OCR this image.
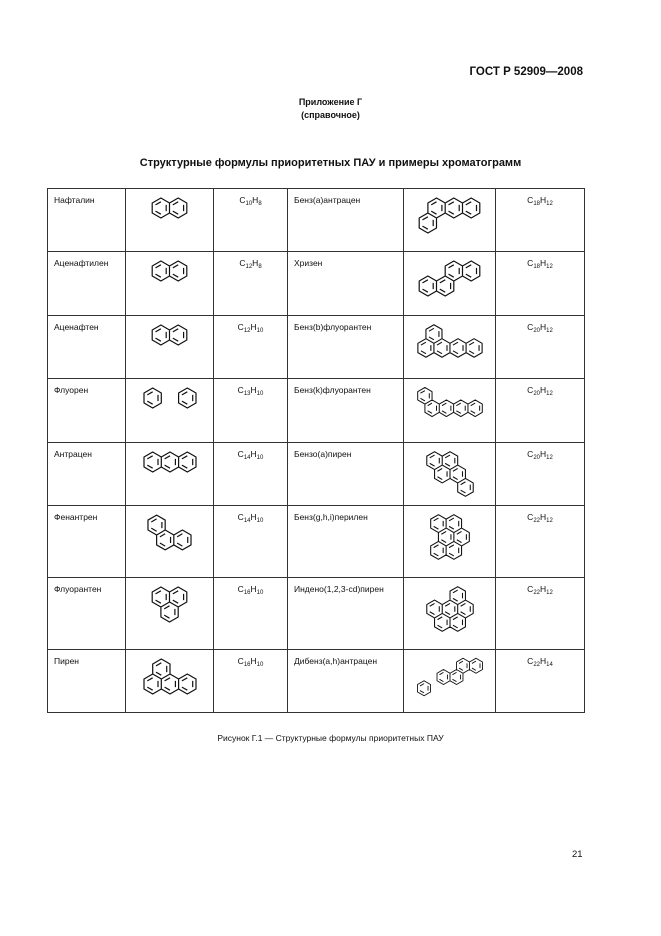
ГОСТ Р 52909—2008
Приложение Г
(справочное)
Структурные формулы приоритетных ПАУ и примеры хроматограмм
Нафталин		$C_{10}H_8$	Бенз(а)антрацен		$C_{18}H_{12}$
Аценафтилен		$C_{12}H_8$	Хризен		$C_{18}H_{12}$
Аценафтен		$C_{12}H_{10}$	Бенз(b)флуорантен		$C_{20}H_{12}$
Флуорен		$C_{13}H_{10}$	Бенз(k)флуорантен		$C_{20}H_{12}$
Антрацен		$C_{14}H_{10}$	Бензо(а)пирен		$C_{20}H_{12}$
Фенантрен		$C_{14}H_{10}$	Бенз(g,h,i)перилен		$C_{22}H_{12}$
Флуорантен		$C_{16}H_{10}$	Индено(1,2,3-cd)пирен		$C_{22}H_{12}$
Пирен		$C_{16}H_{10}$	Дибенз(а,h)антрацен		$C_{22}H_{14}$
Рисунок Г.1 — Структурные формулы приоритетных ПАУ
21
